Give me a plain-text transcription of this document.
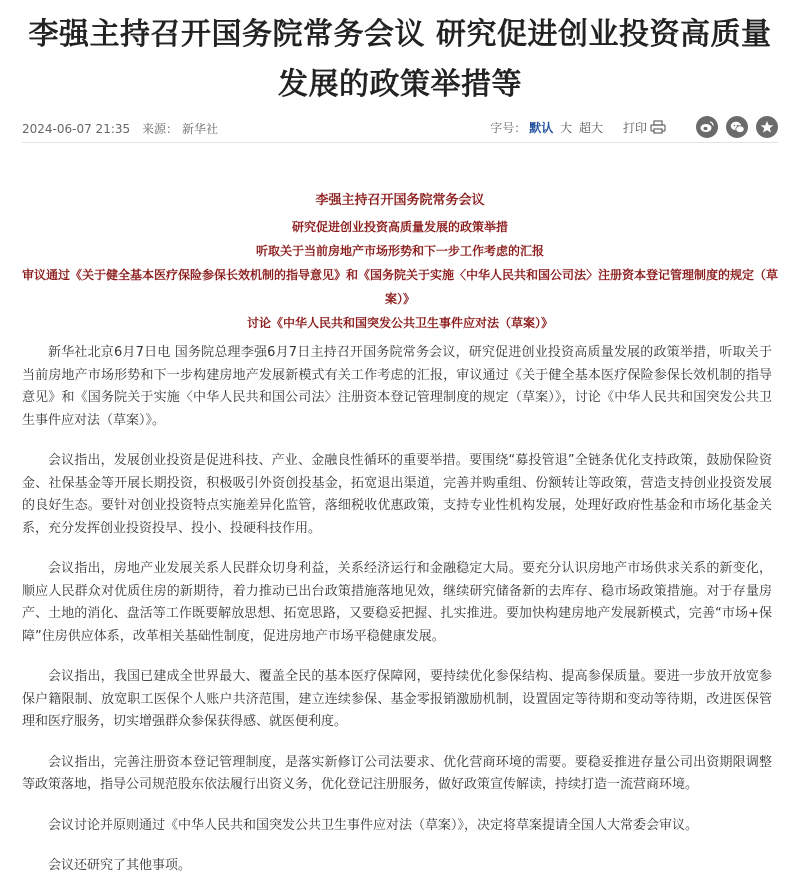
李强主持召开国务院常务会议 研究促进创业投资高质量
发展的政策举措等
2024-06-07 21:35 来源： 新华社	字号： 默认 大 超大 打印
李强主持召开国务院常务会议
研究促进创业投资高质量发展的政策举措
听取关于当前房地产市场形势和下一步工作考虑的汇报
审议通过《关于健全基本医疗保险参保长效机制的指导意见》和《国务院关于实施〈中华人民共和国公司法〉注册资本登记管理制度的规定（草案）》
讨论《中华人民共和国突发公共卫生事件应对法（草案）》

新华社北京6月7日电 国务院总理李强6月7日主持召开国务院常务会议，研究促进创业投资高质量发展的政策举措，听取关于当前房地产市场形势和下一步构建房地产发展新模式有关工作考虑的汇报，审议通过《关于健全基本医疗保险参保长效机制的指导意见》和《国务院关于实施〈中华人民共和国公司法〉注册资本登记管理制度的规定（草案）》，讨论《中华人民共和国突发公共卫生事件应对法（草案）》。

会议指出，发展创业投资是促进科技、产业、金融良性循环的重要举措。要围绕“募投管退”全链条优化支持政策，鼓励保险资金、社保基金等开展长期投资，积极吸引外资创投基金，拓宽退出渠道，完善并购重组、份额转让等政策，营造支持创业投资发展的良好生态。要针对创业投资特点实施差异化监管，落细税收优惠政策，支持专业性机构发展，处理好政府性基金和市场化基金关系，充分发挥创业投资投早、投小、投硬科技作用。

会议指出，房地产业发展关系人民群众切身利益，关系经济运行和金融稳定大局。要充分认识房地产市场供求关系的新变化，顺应人民群众对优质住房的新期待，着力推动已出台政策措施落地见效，继续研究储备新的去库存、稳市场政策措施。对于存量房产、土地的消化、盘活等工作既要解放思想、拓宽思路，又要稳妥把握、扎实推进。要加快构建房地产发展新模式，完善“市场+保障”住房供应体系，改革相关基础性制度，促进房地产市场平稳健康发展。

会议指出，我国已建成全世界最大、覆盖全民的基本医疗保障网，要持续优化参保结构、提高参保质量。要进一步放开放宽参保户籍限制、放宽职工医保个人账户共济范围，建立连续参保、基金零报销激励机制，设置固定等待期和变动等待期，改进医保管理和医疗服务，切实增强群众参保获得感、就医便利度。

会议指出，完善注册资本登记管理制度，是落实新修订公司法要求、优化营商环境的需要。要稳妥推进存量公司出资期限调整等政策落地，指导公司规范股东依法履行出资义务，优化登记注册服务，做好政策宣传解读，持续打造一流营商环境。

会议讨论并原则通过《中华人民共和国突发公共卫生事件应对法（草案）》，决定将草案提请全国人大常委会审议。

会议还研究了其他事项。
